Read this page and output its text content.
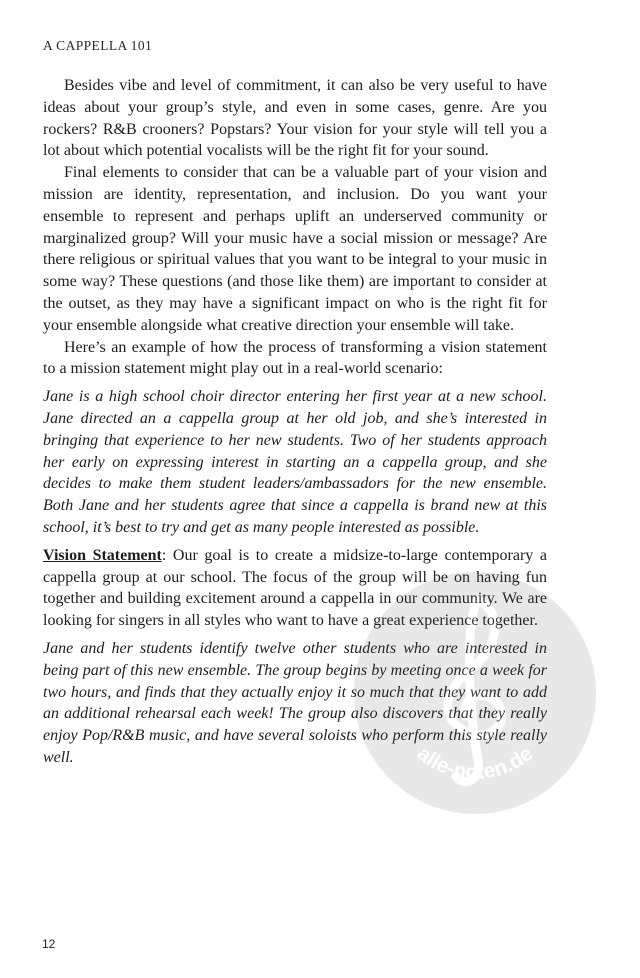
A CAPPELLA 101

Besides vibe and level of commitment, it can also be very useful to have ideas about your group’s style, and even in some cases, genre. Are you rockers? R&B crooners? Popstars? Your vision for your style will tell you a lot about which potential vocalists will be the right fit for your sound.

Final elements to consider that can be a valuable part of your vision and mission are identity, representation, and inclusion. Do you want your ensemble to represent and perhaps uplift an underserved community or marginalized group? Will your music have a social mission or message? Are there religious or spiritual values that you want to be integral to your music in some way? These questions (and those like them) are important to consider at the outset, as they may have a significant impact on who is the right fit for your ensemble alongside what creative direction your ensemble will take.

Here’s an example of how the process of transforming a vision statement to a mission statement might play out in a real-world scenario:

Jane is a high school choir director entering her first year at a new school. Jane directed an a cappella group at her old job, and she’s interested in bringing that experience to her new students. Two of her students approach her early on expressing interest in starting an a cappella group, and she decides to make them student leaders/ambassadors for the new ensemble. Both Jane and her students agree that since a cappella is brand new at this school, it’s best to try and get as many people interested as possible.

Vision Statement: Our goal is to create a midsize-to-large contemporary a cappella group at our school. The focus of the group will be on having fun together and building excitement around a cappella in our community. We are looking for singers in all styles who want to have a great experience together.

Jane and her students identify twelve other students who are interested in being part of this new ensemble. The group begins by meeting once a week for two hours, and finds that they actually enjoy it so much that they want to add an additional rehearsal each week! The group also discovers that they really enjoy Pop/R&B music, and have several soloists who perform this style really well.	alle-noten.de
12
